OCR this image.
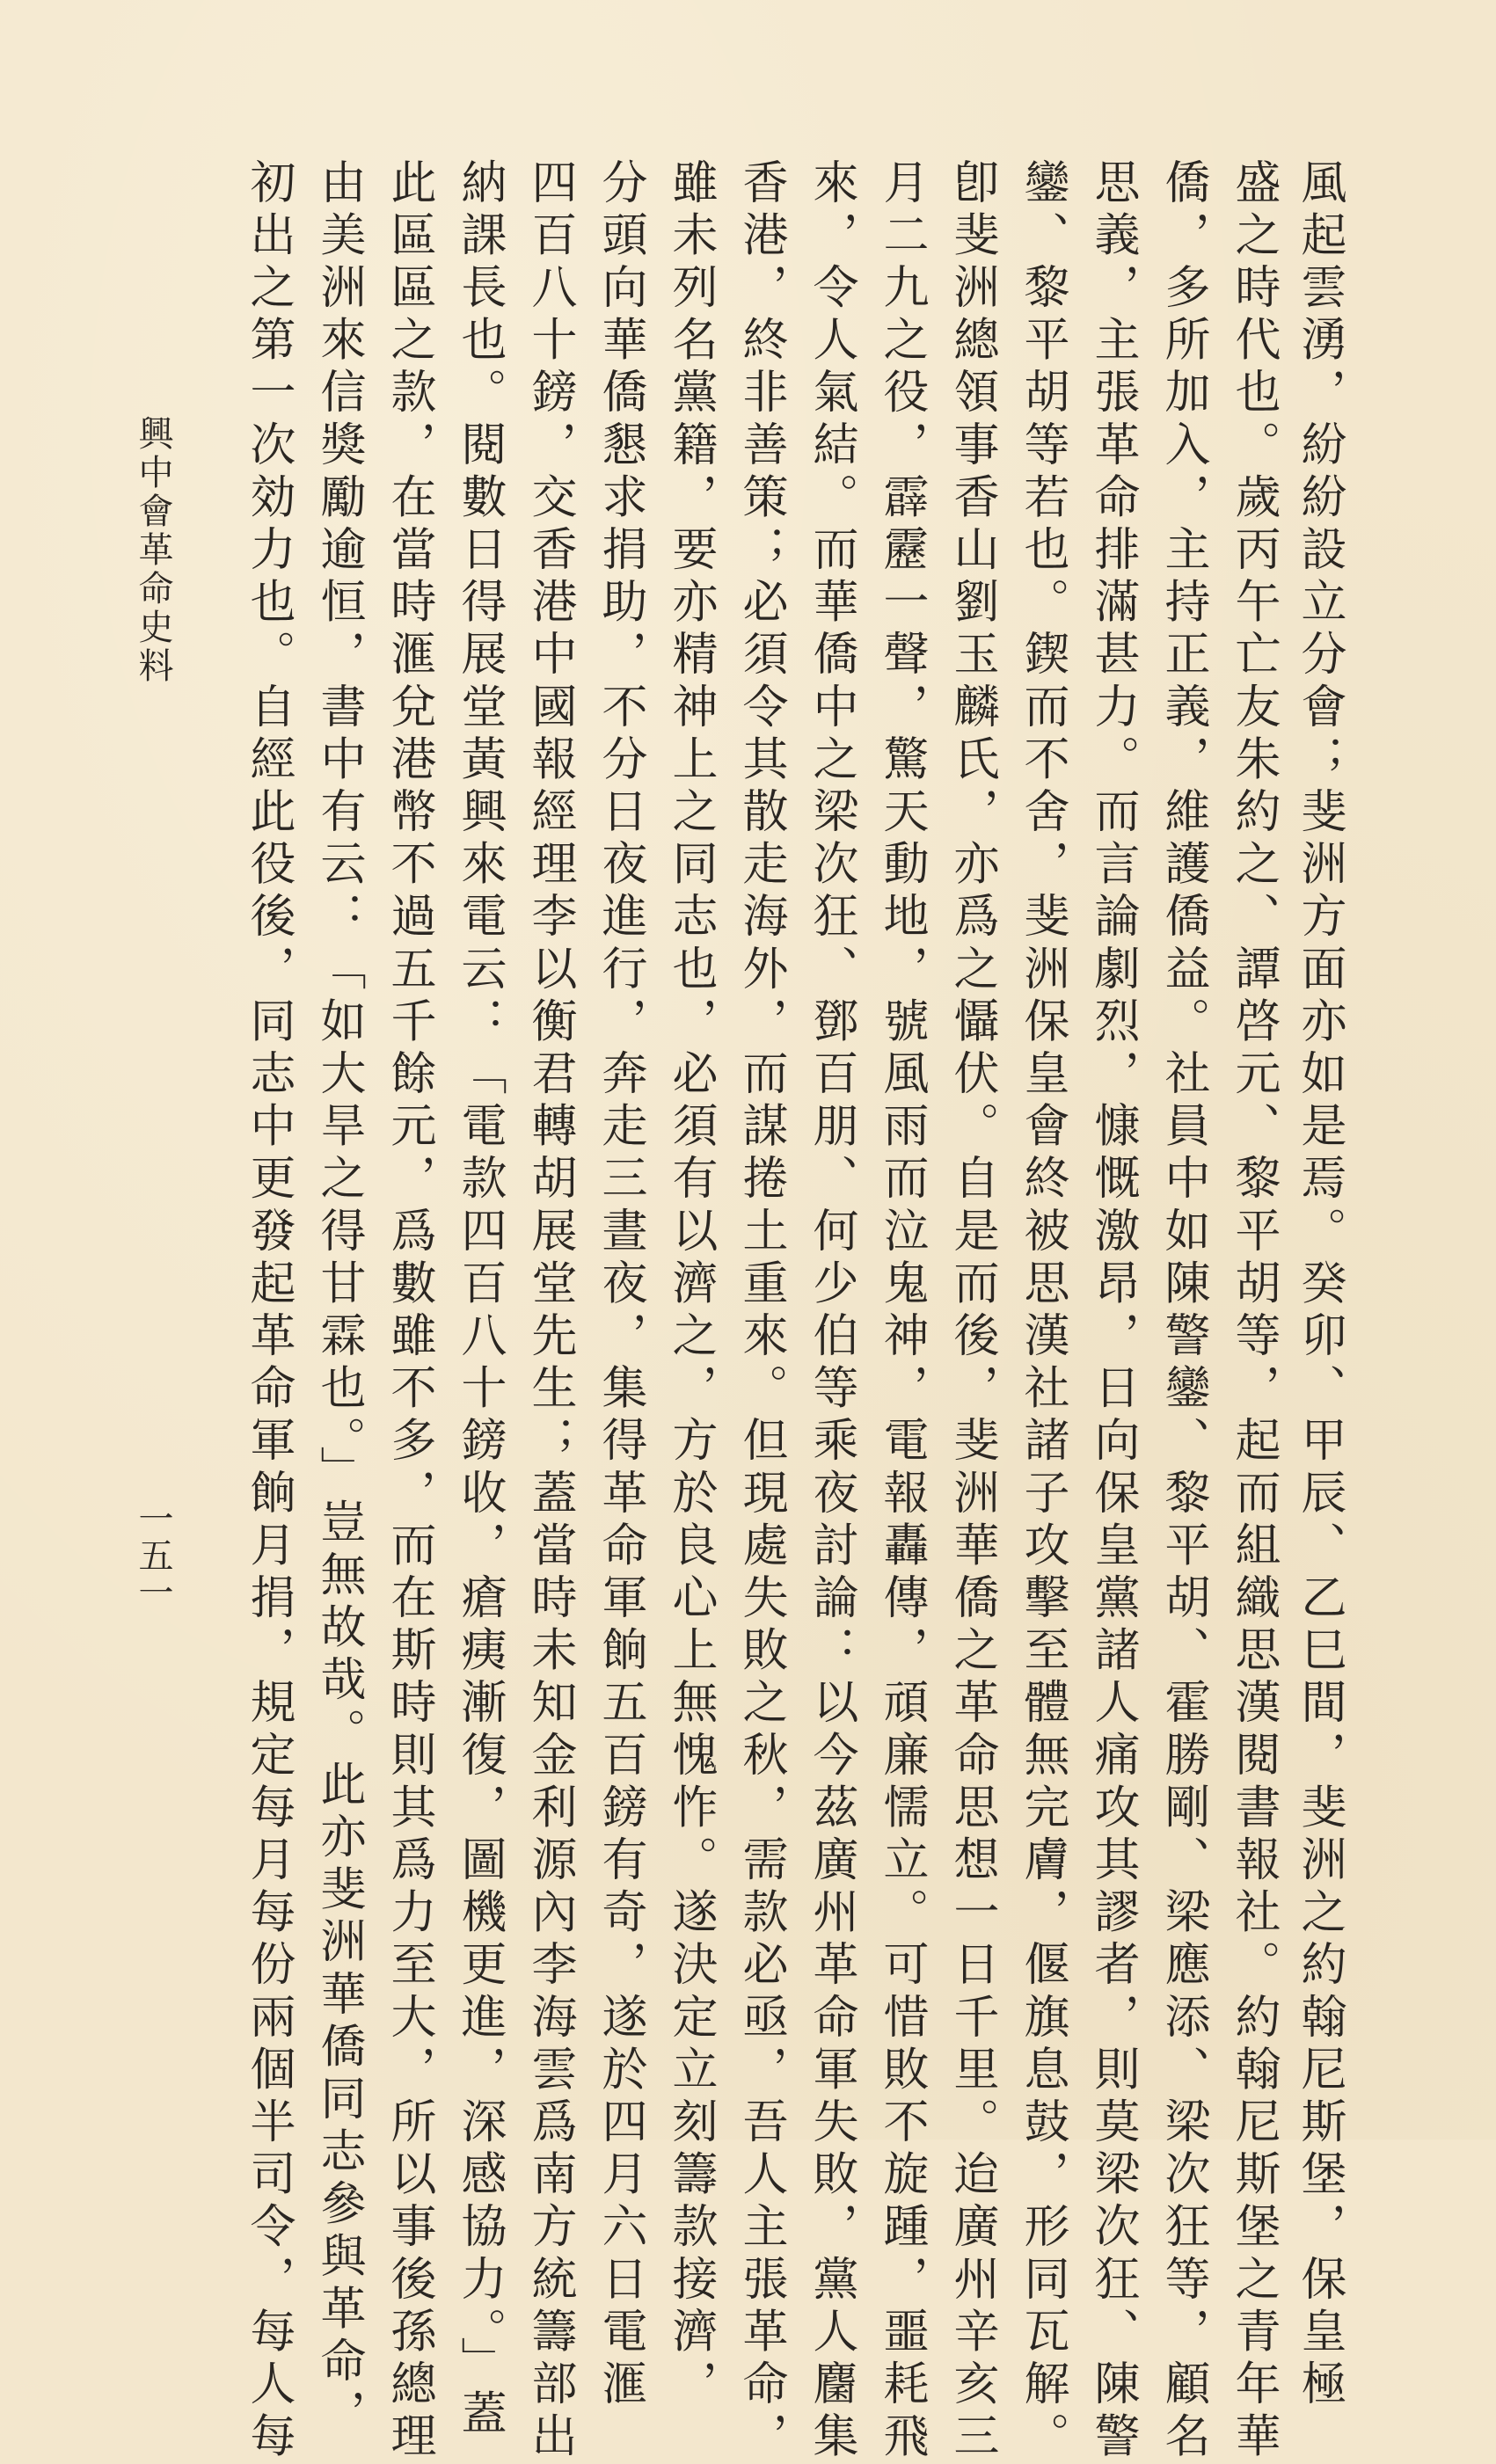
風起雲湧，紛紛設立分會；斐洲方面亦如是焉。癸卯、甲辰、乙巳間，斐洲之約翰尼斯堡，保皇極
盛之時代也。歲丙午亡友朱約之、譚啓元、黎平胡等，起而組織思漢閱書報社。約翰尼斯堡之青年華
僑，多所加入，主持正義，維護僑益。社員中如陳警鑾、黎平胡、霍勝剛、梁應添、梁次狂等，顧名
思義，主張革命排滿甚力。而言論劇烈，慷慨激昂，日向保皇黨諸人痛攻其謬者，則莫梁次狂、陳警
鑾、黎平胡等若也。鍥而不舍，斐洲保皇會終被思漢社諸子攻擊至體無完膚，偃旗息鼓，形同瓦解。
卽斐洲總領事香山劉玉麟氏，亦爲之懾伏。自是而後，斐洲華僑之革命思想一日千里。迨廣州辛亥三
月二九之役，霹靂一聲，驚天動地，號風雨而泣鬼神，電報轟傳，頑廉懦立。可惜敗不旋踵，噩耗飛
來，令人氣結。而華僑中之梁次狂、鄧百朋、何少伯等乘夜討論：以今茲廣州革命軍失敗，黨人麕集
香港，終非善策；必須令其散走海外，而謀捲土重來。但現處失敗之秋，需款必亟，吾人主張革命，
雖未列名黨籍，要亦精神上之同志也，必須有以濟之，方於良心上無愧怍。遂決定立刻籌款接濟，
分頭向華僑懇求捐助，不分日夜進行，奔走三晝夜，集得革命軍餉五百鎊有奇，遂於四月六日電滙
四百八十鎊，交香港中國報經理李以衡君轉胡展堂先生；蓋當時未知金利源內李海雲爲南方統籌部出
納課長也。閱數日得展堂黃興來電云：「電款四百八十鎊收，瘡痍漸復，圖機更進，深感協力。」蓋
此區區之款，在當時滙兌港幣不過五千餘元，爲數雖不多，而在斯時則其爲力至大，所以事後孫總理
由美洲來信獎勵逾恒，書中有云：「如大旱之得甘霖也。」豈無故哉。此亦斐洲華僑同志參與革命，
初出之第一次効力也。自經此役後，同志中更發起革命軍餉月捐，規定每月每份兩個半司令，每人每
興中會革命史料
一五一
